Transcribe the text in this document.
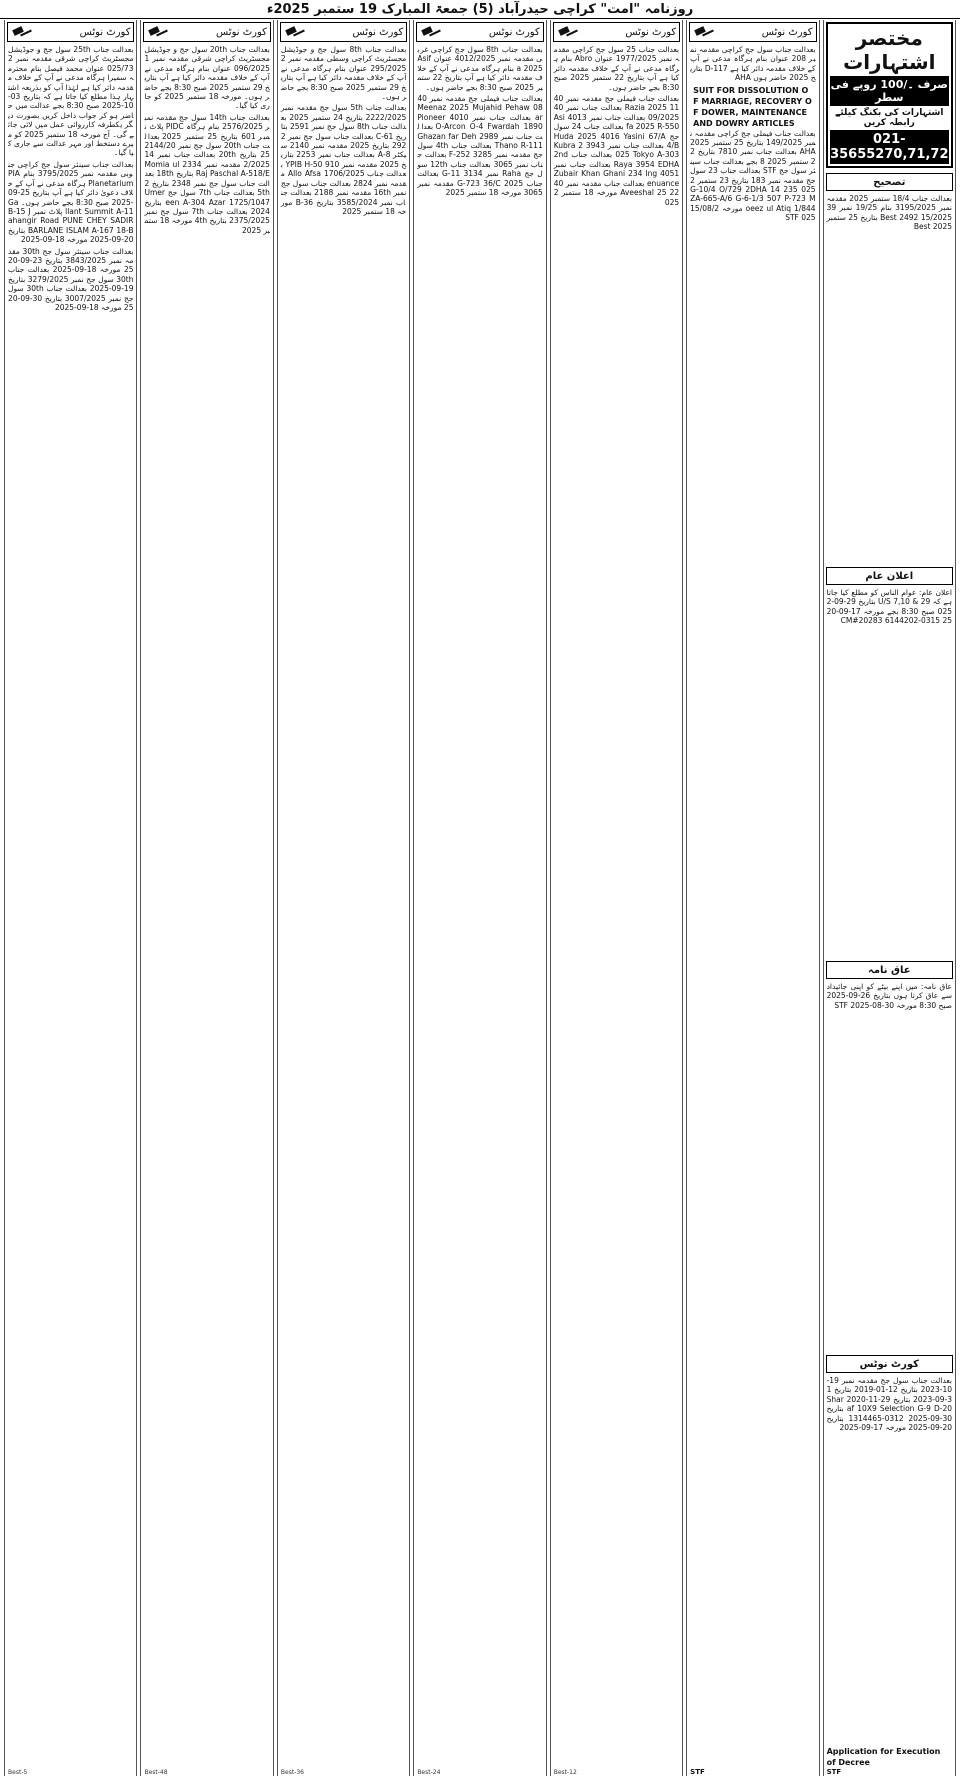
روزنامہ "امت" کراچی حیدرآباد (5) جمعۃ المبارک 19 ستمبر 2025ء
مختصر اشتہارات
صرف ۔/100 روپے فی سطر
اشتہارات کی بکنگ کیلئے رابطہ کریں
021-35655270,71,72
تصحیح

بعدالت جناب 18/4 ستمبر 2025 مقدمہ نمبر 3195/2025 بنام 19/25 نمبر 3915/2025 Best 2492 بتاریخ 25 ستمبر 2025 Best

اعلان عام

اعلان عام: عوام الناس کو مطلع کیا جاتا ہے کہ U/S 7,10 & 29 بتاریخ 29-09-2025 صبح 8:30 بجے مورخہ 17-09-2025 0315-6144202 CM#20283

عاق نامہ

عاق نامہ: میں اپنے بیٹے کو اپنی جائیداد سے عاق کرتا ہوں بتاریخ 26-09-2025 صبح 8:30 مورخہ 30-08-2025 STF

کورٹ نوٹس

بعدالت جناب سول جج مقدمہ نمبر 19-10-2023 بتاریخ 12-01-2019 بتاریخ 13-09-2023 بتاریخ 29-11-2020 Sharaf 10X9 Selection G-9 D-20 بتاریخ 30-09-2025 0312-1314465 بتاریخ 20-09-2025 مورخہ 17-09-2025

Application for Execution of Decree
STF
کورٹ نوٹس

بعدالت جناب سول جج کراچی مقدمہ نمبر 208 عنوان بنام ہرگاہ مدعی نے آپ کے خلاف مقدمہ دائر کیا ہے D-117 بتاریخ 2025 حاضر ہوں AHA

SUIT FOR DISSOLUTION OF MARRIAGE, RECOVERY OF DOWER, MAINTENANCE AND DOWRY ARTICLES

بعدالت جناب فیملی جج کراچی مقدمہ نمبر 149/2025 بتاریخ 25 ستمبر 2025 AHA بعدالت جناب نمبر 7810 بتاریخ 22 ستمبر 2025 8 بجے بعدالت جناب سینئر سول جج STF بعدالت جناب 23 سول جج مقدمہ نمبر 183 بتاریخ 23 ستمبر 2025 G-10/4 O/729 2DHA 14 235 ZA-665-A/6 G-6-1/3 507 P-723 Moeez ul Atiq 1/844 مورخہ 15/08/2025 STF

STF
کورٹ نوٹس

بعدالت جناب 25 سول جج کراچی مقدمہ نمبر 1977/2025 عنوان Abro بنام ہرگاہ مدعی نے آپ کے خلاف مقدمہ دائر کیا ہے آپ بتاریخ 22 ستمبر 2025 صبح 8:30 بجے حاضر ہوں۔

بعدالت جناب فیملی جج مقدمہ نمبر 4011 Razia 2025 بعدالت جناب نمبر 4009/2025 بعدالت جناب نمبر 4013 Asifa 2025 R-550 بعدالت جناب 24 سول جج Huda 2025 4016 Yasini 67/A 4/B بعدالت جناب نمبر 3943 Kubra 2025 Tokyo A-303 بعدالت جناب 2nd Raya 3954 EDHA بعدالت جناب نمبر 4051 Zubair Khan Ghani 234 Ingenuance بعدالت جناب مقدمہ نمبر 4022 Aveeshal 25 مورخہ 18 ستمبر 2025

Best-12
کورٹ نوٹس

بعدالت جناب 8th سول جج کراچی غربی مقدمہ نمبر 4012/2025 عنوان Asifa 2025 بنام ہرگاہ مدعی نے آپ کے خلاف مقدمہ دائر کیا ہے آپ بتاریخ 22 ستمبر 2025 صبح 8:30 بجے حاضر ہوں۔

بعدالت جناب فیملی جج مقدمہ نمبر 4008 Meenaz 2025 Mujahid Pehawar بعدالت جناب نمبر 4010 Pioneer O-Arcon O-4 Fwardah 1890 بعدالت جناب نمبر 2989 Ghazan far Deh Thano R-111 بعدالت جناب 4th سول جج مقدمہ نمبر 3285 F-252 بعدالت جناب نمبر 3065 بعدالت جناب 12th سول جج Raha نمبر 3134 G-11 بعدالت جناب 2025 G-723 36/C مقدمہ نمبر 3065 مورخہ 18 ستمبر 2025

Best-24
کورٹ نوٹس

بعدالت جناب 8th سول جج و جوڈیشل مجسٹریٹ کراچی وسطی مقدمہ نمبر 2295/2025 عنوان بنام ہرگاہ مدعی نے آپ کے خلاف مقدمہ دائر کیا ہے آپ بتاریخ 29 ستمبر 2025 صبح 8:30 بجے حاضر ہوں۔

بعدالت جناب 5th سول جج مقدمہ نمبر 2222/2025 بتاریخ 24 ستمبر 2025 بعدالت جناب 8th سول جج نمبر 2591 بتاریخ C-61 بعدالت جناب سول جج نمبر 2292 بتاریخ 2025 مقدمہ نمبر 2140 سیکٹر 8-A بعدالت جناب نمبر 2253 بتاریخ 2025 مقدمہ نمبر 910 YPIB H-50 بعدالت جناب Allo Afsa 1706/2025 مقدمہ نمبر 2824 بعدالت جناب سول جج نمبر 16th مقدمہ نمبر 2188 بعدالت جناب نمبر 3585/2024 بتاریخ B-36 مورخہ 18 ستمبر 2025

Best-36
کورٹ نوٹس

بعدالت جناب 20th سول جج و جوڈیشل مجسٹریٹ کراچی شرقی مقدمہ نمبر 1096/2025 عنوان بنام ہرگاہ مدعی نے آپ کے خلاف مقدمہ دائر کیا ہے آپ بتاریخ 29 ستمبر 2025 صبح 8:30 بجے حاضر ہوں۔ مورخہ 18 ستمبر 2025 کو جاری کیا گیا۔

بعدالت جناب 14th سول جج مقدمہ نمبر 2576/2025 بنام ہرگاہ PIDC پلاٹ نمبر 601 بتاریخ 25 ستمبر 2025 بعدالت جناب 20th سول جج نمبر 2144/2025 بتاریخ 20th بعدالت جناب نمبر 142/2025 مقدمہ نمبر 2334 Momia ul Raj Paschal A-518/E بتاریخ 18th بعدالت جناب سول جج نمبر 2348 بتاریخ 25th بعدالت جناب 7th سول جج Umereen A-304 Azar 1725/1047 بتاریخ 2024 بعدالت جناب 7th سول جج نمبر 2375/2025 بتاریخ 4th مورخہ 18 ستمبر 2025

Best-48
کورٹ نوٹس

بعدالت جناب 25th سول جج و جوڈیشل مجسٹریٹ کراچی شرقی مقدمہ نمبر 2025/73 عنوان محمد فیصل بنام محترمہ سمیرا ہرگاہ مدعی نے آپ کے خلاف مقدمہ دائر کیا ہے لہٰذا آپ کو بذریعہ اشتہار ہذا مطلع کیا جاتا ہے کہ بتاریخ 03-10-2025 صبح 8:30 بجے عدالت میں حاضر ہو کر جواب داخل کریں بصورت دیگر یکطرفہ کارروائی عمل میں لائی جائے گی۔ آج مورخہ 18 ستمبر 2025 کو میرے دستخط اور مہر عدالت سے جاری کیا گیا۔

بعدالت جناب سینئر سول جج کراچی جنوبی مقدمہ نمبر 3795/2025 بنام PIA Planetarium ہرگاہ مدعی نے آپ کے خلاف دعویٰ دائر کیا ہے آپ بتاریخ 25-09-2025 صبح 8:30 بجے حاضر ہوں۔ Gallant Summit A-11 پلاٹ نمبر B-15 Jahangir Road PUNE CHEY SADIR BARLANE ISLAM A-167 18-B بتاریخ 20-09-2025 مورخہ 18-09-2025

بعدالت جناب سینئر سول جج 30th مقدمہ نمبر 3843/2025 بتاریخ 23-09-2025 مورخہ 18-09-2025 بعدالت جناب 30th سول جج نمبر 3279/2025 بتاریخ 19-09-2025 بعدالت جناب 30th سول جج نمبر 3007/2025 بتاریخ 30-09-2025 مورخہ 18-09-2025

Best-5
